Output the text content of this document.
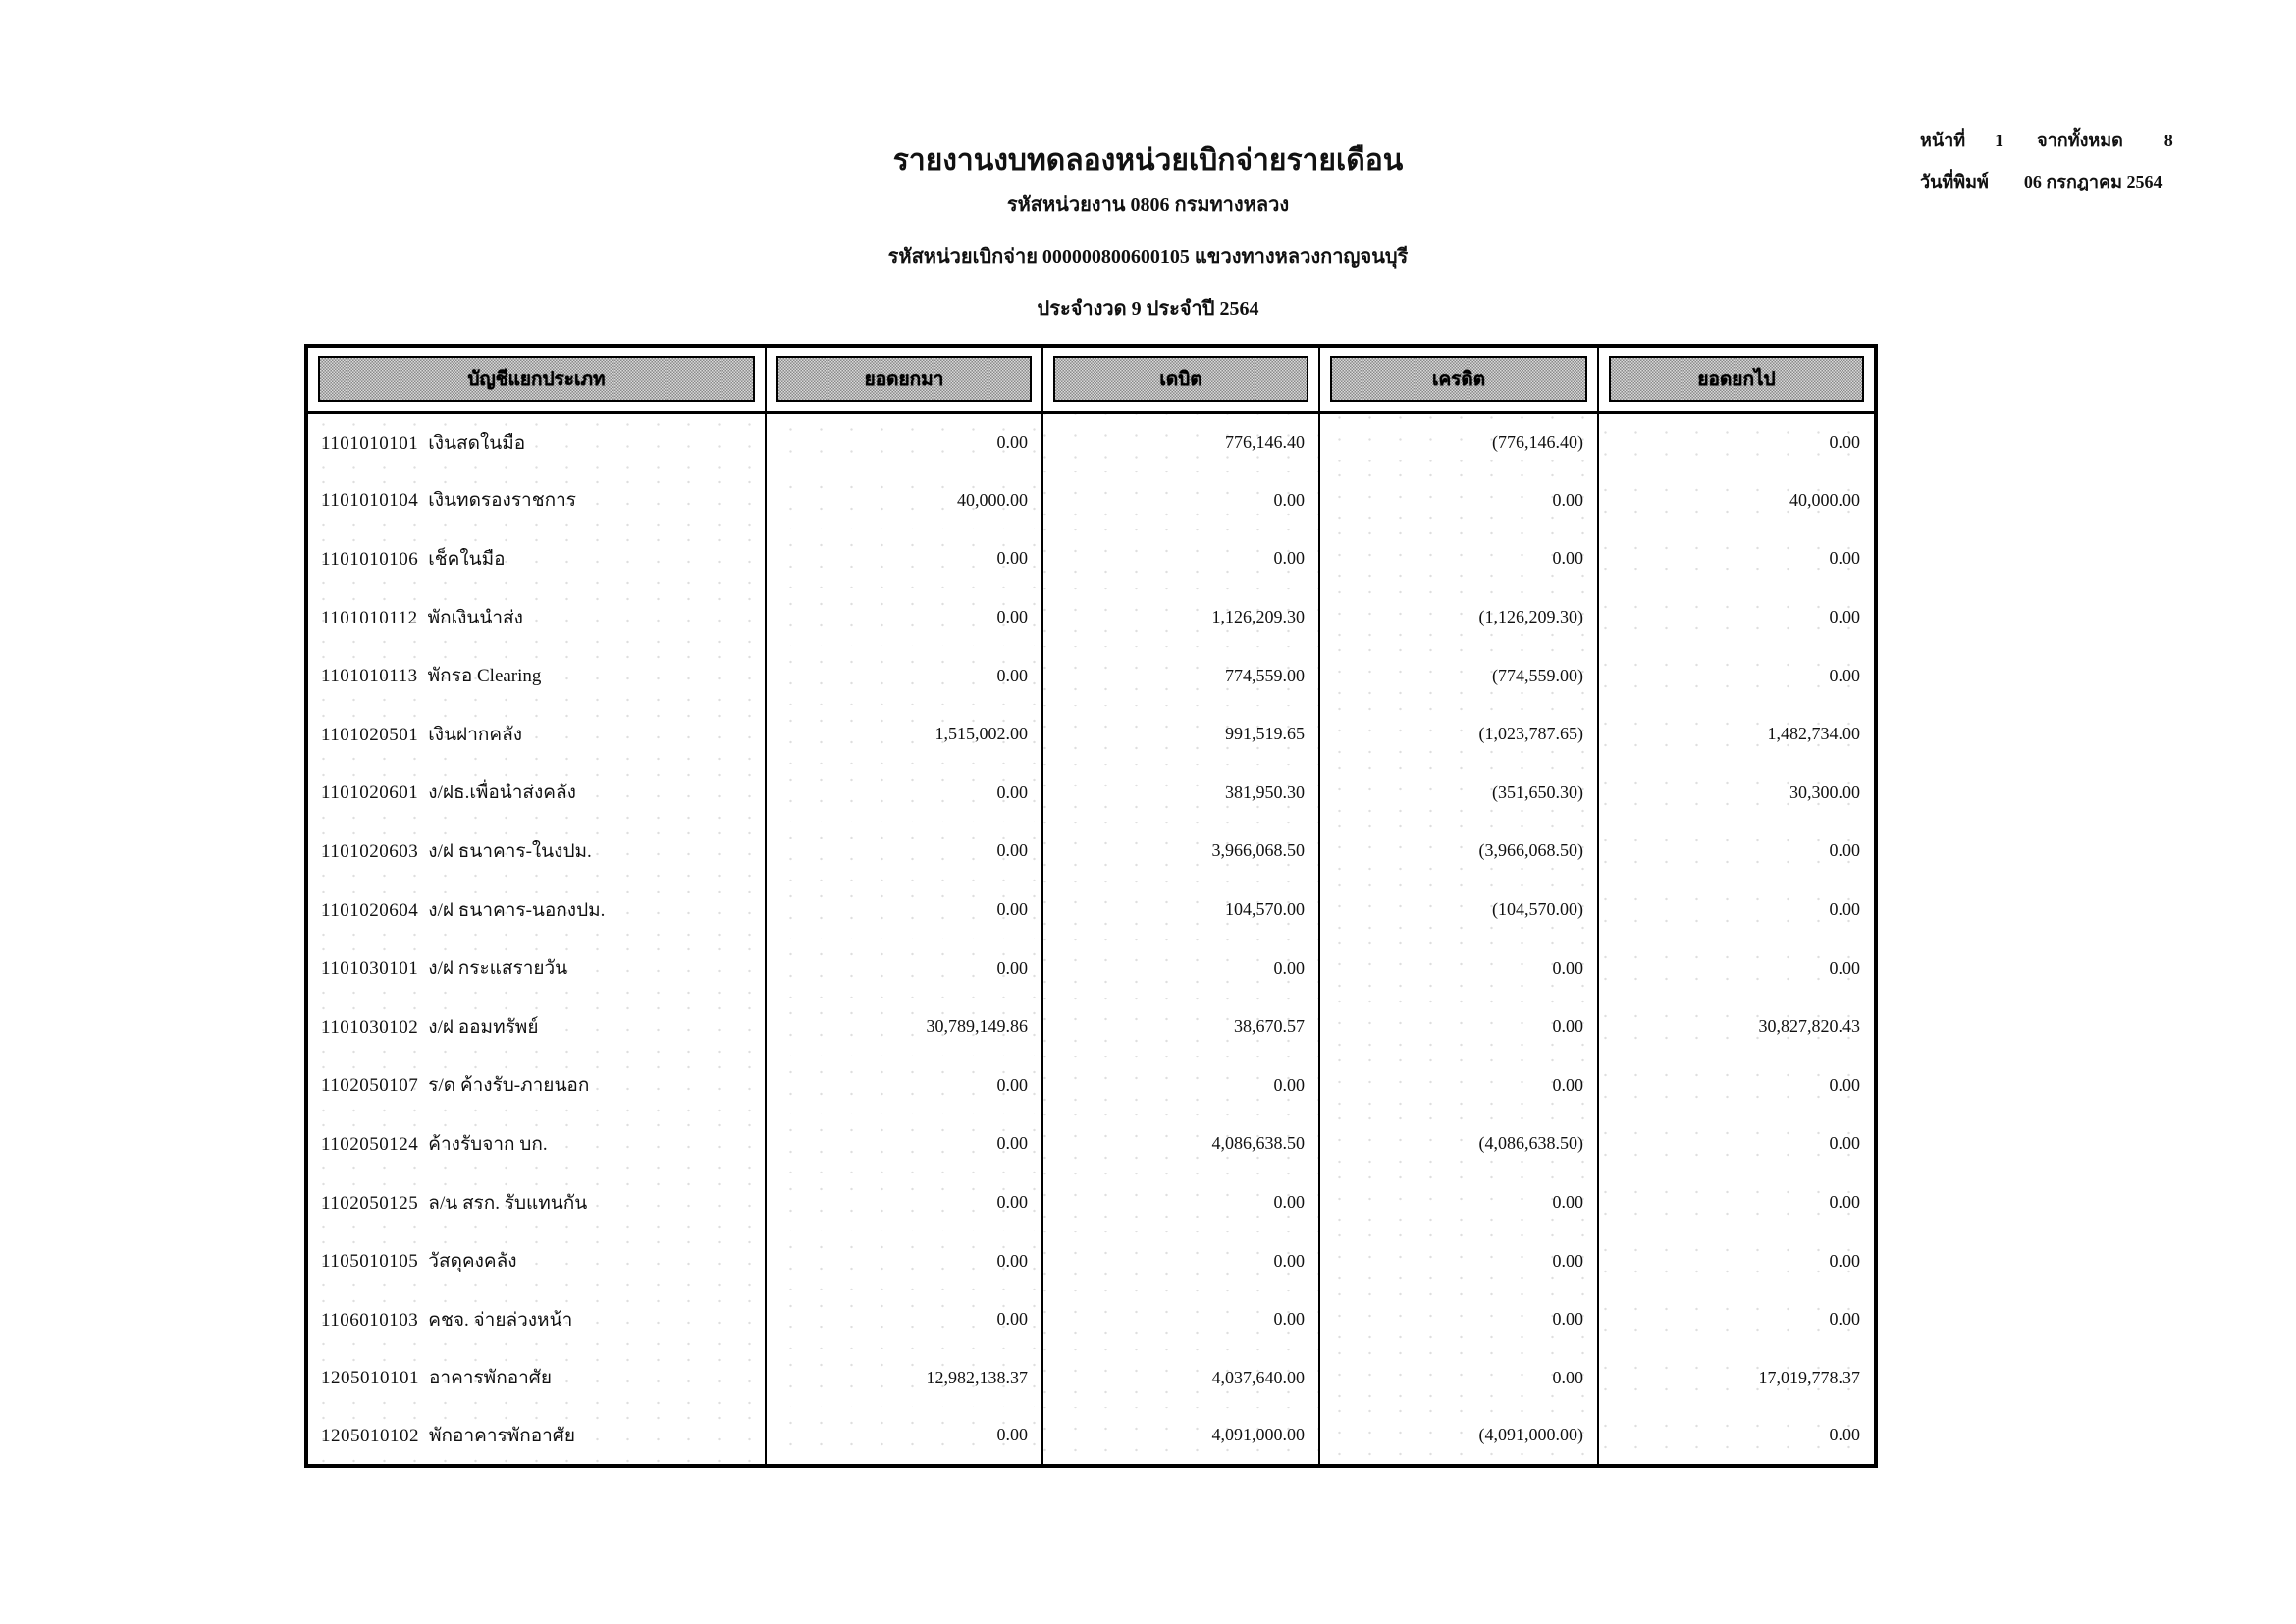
หน้าที่ 1 จากทั้งหมด 8
วันที่พิมพ์ 06 กรกฎาคม 2564
รายงานงบทดลองหน่วยเบิกจ่ายรายเดือน
รหัสหน่วยงาน 0806 กรมทางหลวง
รหัสหน่วยเบิกจ่าย 000000800600105 แขวงทางหลวงกาญจนบุรี
ประจำงวด 9 ประจำปี 2564
บัญชีแยกประเภท	ยอดยกมา	เดบิต	เครดิต	ยอดยกไป

1101010101 เงินสดในมือ	0.00	776,146.40	(776,146.40)	0.00
1101010104 เงินทดรองราชการ	40,000.00	0.00	0.00	40,000.00
1101010106 เช็คในมือ	0.00	0.00	0.00	0.00
1101010112 พักเงินนำส่ง	0.00	1,126,209.30	(1,126,209.30)	0.00
1101010113 พักรอ Clearing	0.00	774,559.00	(774,559.00)	0.00
1101020501 เงินฝากคลัง	1,515,002.00	991,519.65	(1,023,787.65)	1,482,734.00
1101020601 ง/ฝธ.เพื่อนำส่งคลัง	0.00	381,950.30	(351,650.30)	30,300.00
1101020603 ง/ฝ ธนาคาร-ในงปม.	0.00	3,966,068.50	(3,966,068.50)	0.00
1101020604 ง/ฝ ธนาคาร-นอกงปม.	0.00	104,570.00	(104,570.00)	0.00
1101030101 ง/ฝ กระแสรายวัน	0.00	0.00	0.00	0.00
1101030102 ง/ฝ ออมทรัพย์	30,789,149.86	38,670.57	0.00	30,827,820.43
1102050107 ร/ด ค้างรับ-ภายนอก	0.00	0.00	0.00	0.00
1102050124 ค้างรับจาก บก.	0.00	4,086,638.50	(4,086,638.50)	0.00
1102050125 ล/น สรก. รับแทนกัน	0.00	0.00	0.00	0.00
1105010105 วัสดุคงคลัง	0.00	0.00	0.00	0.00
1106010103 คชจ. จ่ายล่วงหน้า	0.00	0.00	0.00	0.00
1205010101 อาคารพักอาศัย	12,982,138.37	4,037,640.00	0.00	17,019,778.37
1205010102 พักอาคารพักอาศัย	0.00	4,091,000.00	(4,091,000.00)	0.00
